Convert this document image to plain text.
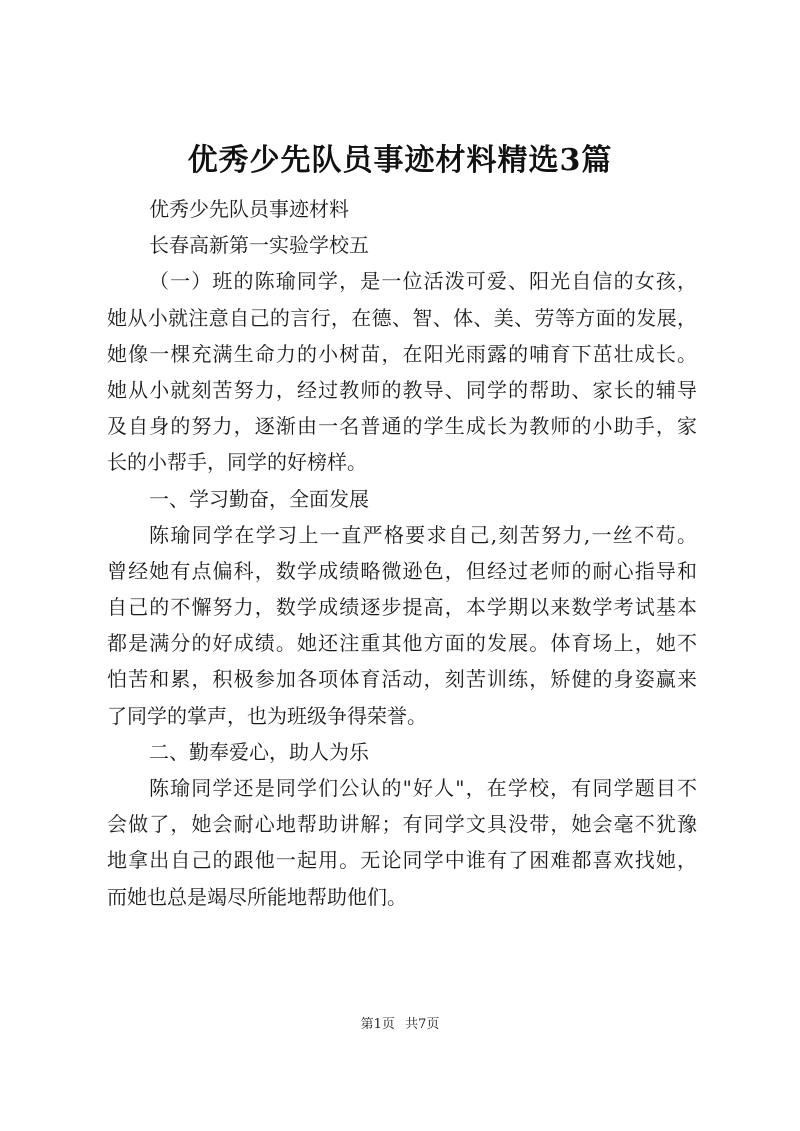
优秀少先队员事迹材料精选3篇
优秀少先队员事迹材料
长春高新第一实验学校五
（一）班的陈瑜同学，是一位活泼可爱、阳光自信的女孩，
她从小就注意自己的言行，在德、智、体、美、劳等方面的发展，
她像一棵充满生命力的小树苗，在阳光雨露的哺育下茁壮成长。
她从小就刻苦努力，经过教师的教导、同学的帮助、家长的辅导
及自身的努力，逐渐由一名普通的学生成长为教师的小助手，家
长的小帮手，同学的好榜样。
一、学习勤奋，全面发展
陈瑜同学在学习上一直严格要求自己,刻苦努力,一丝不苟。
曾经她有点偏科，数学成绩略微逊色，但经过老师的耐心指导和
自己的不懈努力，数学成绩逐步提高，本学期以来数学考试基本
都是满分的好成绩。她还注重其他方面的发展。体育场上，她不
怕苦和累，积极参加各项体育活动，刻苦训练，矫健的身姿赢来
了同学的掌声，也为班级争得荣誉。
二、勤奉爱心，助人为乐
陈瑜同学还是同学们公认的"好人"，在学校，有同学题目不
会做了，她会耐心地帮助讲解；有同学文具没带，她会毫不犹豫
地拿出自己的跟他一起用。无论同学中谁有了困难都喜欢找她，
而她也总是竭尽所能地帮助他们。
第1页 共7页
